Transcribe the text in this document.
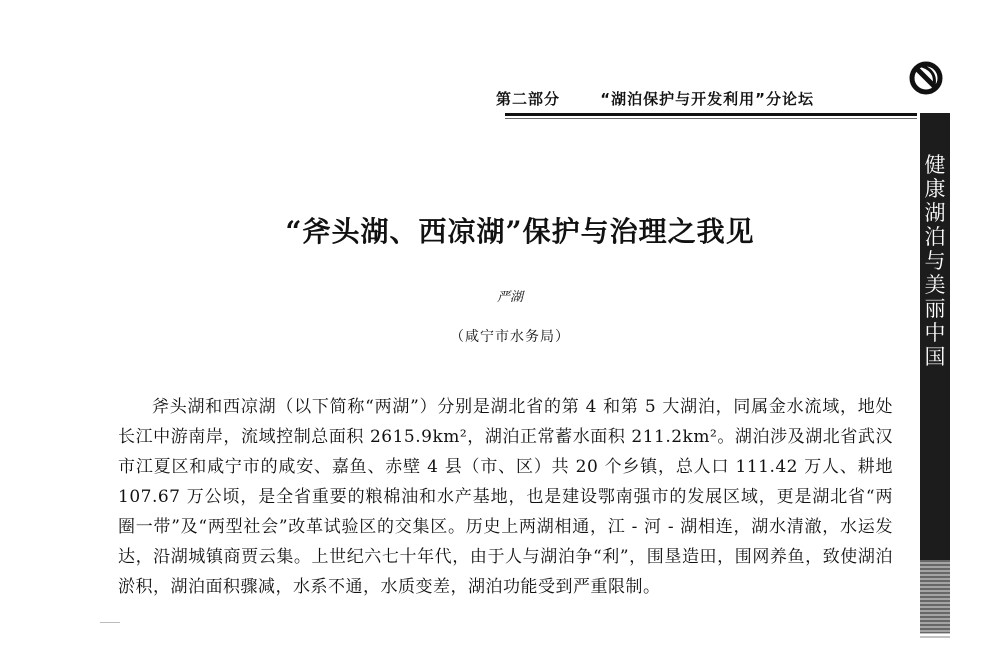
第二部分	“湖泊保护与开发利用”分论坛
健康湖泊与美丽中国
“斧头湖、西凉湖”保护与治理之我见
严湖
（咸宁市水务局）
斧头湖和西凉湖（以下简称“两湖”）分别是湖北省的第 4 和第 5 大湖泊，同属金水流域，地处长江中游南岸，流域控制总面积 2615.9km²，湖泊正常蓄水面积 211.2km²。湖泊涉及湖北省武汉市江夏区和咸宁市的咸安、嘉鱼、赤壁 4 县（市、区）共 20 个乡镇，总人口 111.42 万人、耕地 107.67 万公顷，是全省重要的粮棉油和水产基地，也是建设鄂南强市的发展区域，更是湖北省“两圈一带”及“两型社会”改革试验区的交集区。历史上两湖相通，江 - 河 - 湖相连，湖水清澈，水运发达，沿湖城镇商贾云集。上世纪六七十年代，由于人与湖泊争“利”，围垦造田，围网养鱼，致使湖泊淤积，湖泊面积骤减，水系不通，水质变差，湖泊功能受到严重限制。
